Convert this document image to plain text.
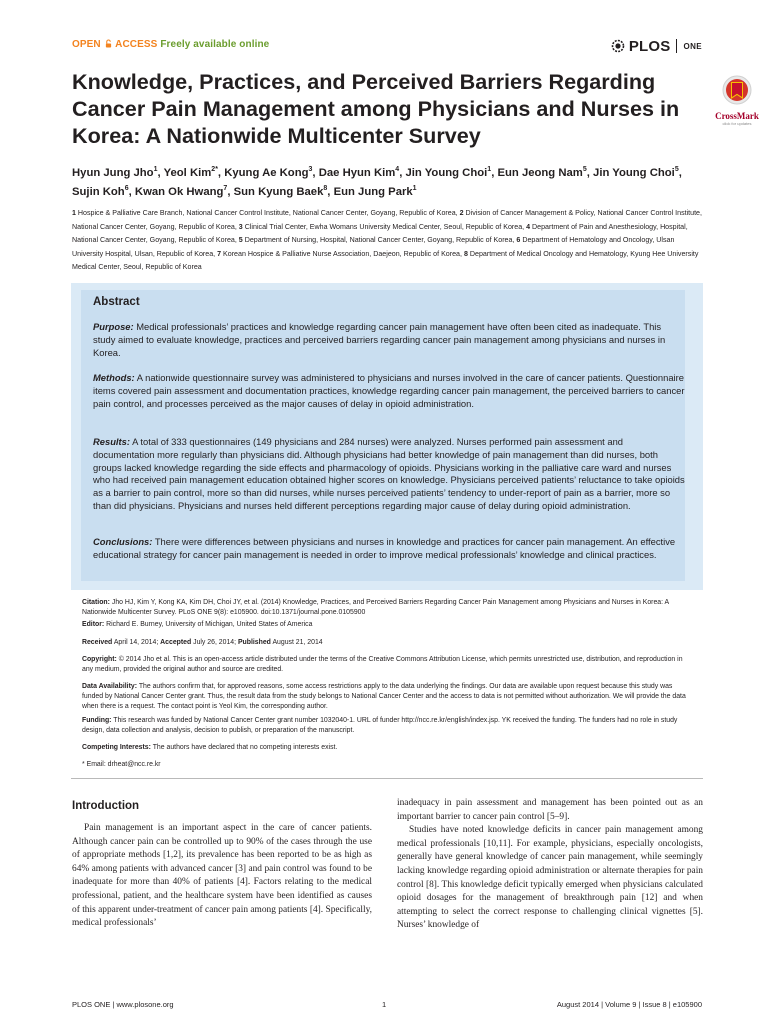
OPEN ACCESS Freely available online	PLOS ONE
Knowledge, Practices, and Perceived Barriers Regarding Cancer Pain Management among Physicians and Nurses in Korea: A Nationwide Multicenter Survey
CrossMark
click for updates
Hyun Jung Jho$^1$, Yeol Kim$^{2*}$, Kyung Ae Kong$^3$, Dae Hyun Kim$^4$, Jin Young Choi$^1$, Eun Jeong Nam$^5$, Jin Young Choi$^5$, Sujin Koh$^6$, Kwan Ok Hwang$^7$, Sun Kyung Baek$^8$, Eun Jung Park$^1$
1 Hospice & Palliative Care Branch, National Cancer Control Institute, National Cancer Center, Goyang, Republic of Korea, 2 Division of Cancer Management & Policy, National Cancer Control Institute, National Cancer Center, Goyang, Republic of Korea, 3 Clinical Trial Center, Ewha Womans University Medical Center, Seoul, Republic of Korea, 4 Department of Pain and Anesthesiology, Hospital, National Cancer Center, Goyang, Republic of Korea, 5 Department of Nursing, Hospital, National Cancer Center, Goyang, Republic of Korea, 6 Department of Hematology and Oncology, Ulsan University Hospital, Ulsan, Republic of Korea, 7 Korean Hospice & Palliative Nurse Association, Daejeon, Republic of Korea, 8 Department of Medical Oncology and Hematology, Kyung Hee University Medical Center, Seoul, Republic of Korea
Abstract

Purpose: Medical professionals’ practices and knowledge regarding cancer pain management have often been cited as inadequate. This study aimed to evaluate knowledge, practices and perceived barriers regarding cancer pain management among physicians and nurses in Korea.

Methods: A nationwide questionnaire survey was administered to physicians and nurses involved in the care of cancer patients. Questionnaire items covered pain assessment and documentation practices, knowledge regarding cancer pain management, the perceived barriers to cancer pain control, and processes perceived as the major causes of delay in opioid administration.

Results: A total of 333 questionnaires (149 physicians and 284 nurses) were analyzed. Nurses performed pain assessment and documentation more regularly than physicians did. Although physicians had better knowledge of pain management than did nurses, both groups lacked knowledge regarding the side effects and pharmacology of opioids. Physicians working in the palliative care ward and nurses who had received pain management education obtained higher scores on knowledge. Physicians perceived patients’ reluctance to take opioids as a barrier to pain control, more so than did nurses, while nurses perceived patients’ tendency to under-report of pain as a barrier, more so than did physicians. Physicians and nurses held different perceptions regarding major cause of delay during opioid administration.

Conclusions: There were differences between physicians and nurses in knowledge and practices for cancer pain management. An effective educational strategy for cancer pain management is needed in order to improve medical professionals’ knowledge and clinical practices.

Citation: Jho HJ, Kim Y, Kong KA, Kim DH, Choi JY, et al. (2014) Knowledge, Practices, and Perceived Barriers Regarding Cancer Pain Management among Physicians and Nurses in Korea: A Nationwide Multicenter Survey. PLoS ONE 9(8): e105900. doi:10.1371/journal.pone.0105900

Editor: Richard E. Burney, University of Michigan, United States of America

Received April 14, 2014; Accepted July 26, 2014; Published August 21, 2014

Copyright: © 2014 Jho et al. This is an open-access article distributed under the terms of the Creative Commons Attribution License, which permits unrestricted use, distribution, and reproduction in any medium, provided the original author and source are credited.

Data Availability: The authors confirm that, for approved reasons, some access restrictions apply to the data underlying the findings. Our data are available upon request because this study was funded by National Cancer Center grant. Thus, the result data from the study belongs to National Cancer Center and the access to data is not permitted without authorization. We will provide the data when there is a request. The contact point is Yeol Kim, the corresponding author.

Funding: This research was funded by National Cancer Center grant number 1032040-1. URL of funder http://ncc.re.kr/english/index.jsp. YK received the funding. The funders had no role in study design, data collection and analysis, decision to publish, or preparation of the manuscript.

Competing Interests: The authors have declared that no competing interests exist.

* Email: drheat@ncc.re.kr

Introduction

Pain management is an important aspect in the care of cancer patients. Although cancer pain can be controlled up to 90% of the cases through the use of appropriate methods [1,2], its prevalence has been reported to be as high as 64% among patients with advanced cancer [3] and pain control was found to be inadequate for more than 40% of patients [4]. Factors relating to the medical professional, patient, and the healthcare system have been identified as causes of this apparent under-treatment of cancer pain among patients [4]. Specifically, medical professionals’

inadequacy in pain assessment and management has been pointed out as an important barrier to cancer pain control [5–9].
Studies have noted knowledge deficits in cancer pain management among medical professionals [10,11]. For example, physicians, especially oncologists, generally have general knowledge of cancer pain management, while seemingly lacking knowledge regarding opioid administration or alternate therapies for pain control [8]. This knowledge deficit typically emerged when physicians calculated opioid dosages for the management of breakthrough pain [12] and when attempting to select the correct response to challenging clinical vignettes [5]. Nurses’ knowledge of

PLOS ONE | www.plosone.org	1	August 2014 | Volume 9 | Issue 8 | e105900
